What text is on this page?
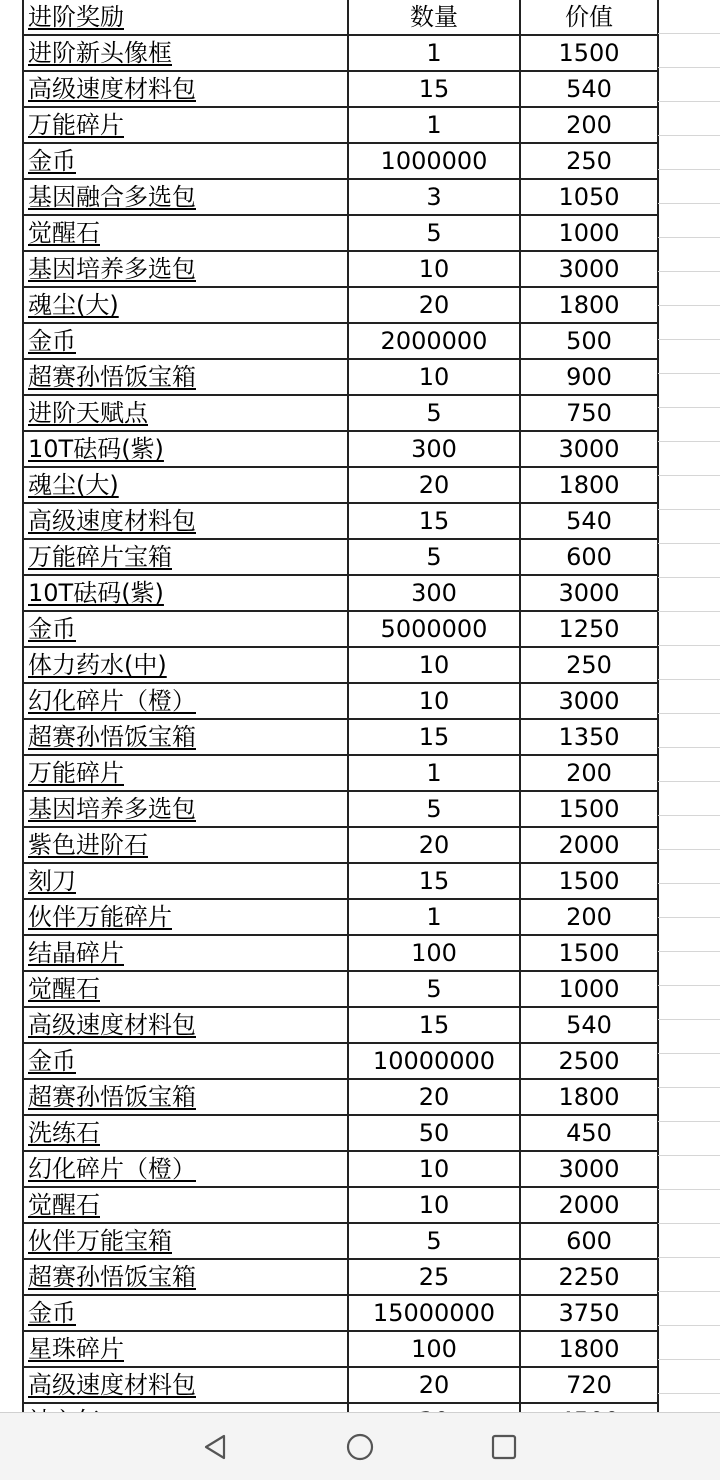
进阶奖励	数量	价值
进阶新头像框	1	1500
高级速度材料包	15	540
万能碎片	1	200
金币	1000000	250
基因融合多选包	3	1050
觉醒石	5	1000
基因培养多选包	10	3000
魂尘(大)	20	1800
金币	2000000	500
超赛孙悟饭宝箱	10	900
进阶天赋点	5	750
10T砝码(紫)	300	3000
魂尘(大)	20	1800
高级速度材料包	15	540
万能碎片宝箱	5	600
10T砝码(紫)	300	3000
金币	5000000	1250
体力药水(中)	10	250
幻化碎片（橙）	10	3000
超赛孙悟饭宝箱	15	1350
万能碎片	1	200
基因培养多选包	5	1500
紫色进阶石	20	2000
刻刀	15	1500
伙伴万能碎片	1	200
结晶碎片	100	1500
觉醒石	5	1000
高级速度材料包	15	540
金币	10000000	2500
超赛孙悟饭宝箱	20	1800
洗练石	50	450
幻化碎片（橙）	10	3000
觉醒石	10	2000
伙伴万能宝箱	5	600
超赛孙悟饭宝箱	25	2250
金币	15000000	3750
星珠碎片	100	1800
高级速度材料包	20	720
